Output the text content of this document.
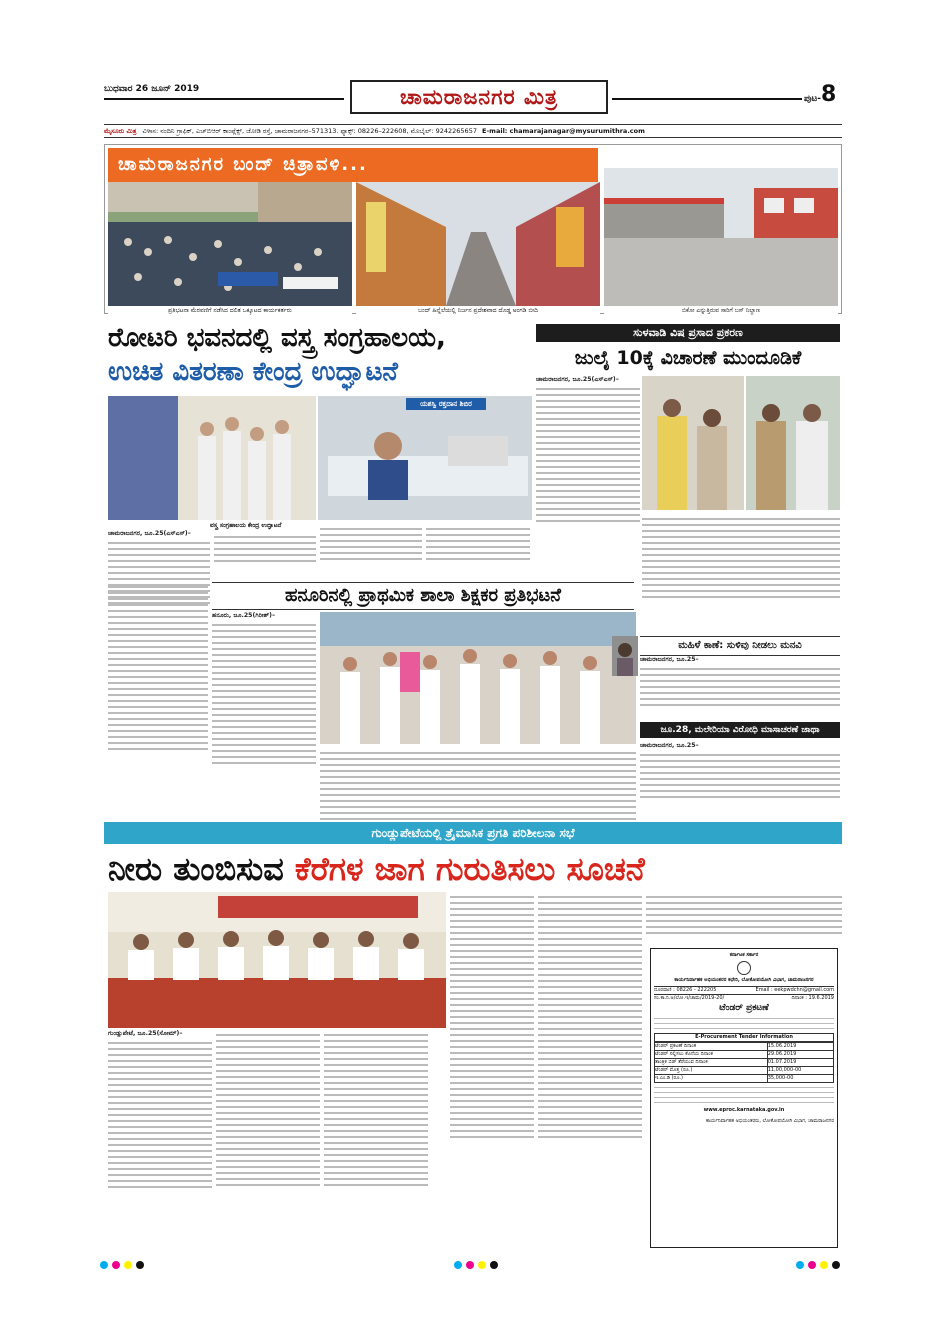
ಬುಧವಾರ 26 ಜೂನ್ 2019	ಚಾಮರಾಜನಗರ ಮಿತ್ರ	ಪುಟ-8
ಮೈಸೂರು ಮಿತ್ರ ವಿಳಾಸ: ನಂದಿನಿ ಗ್ರಾಫಿಕ್, ಎಚ್‌ಬಿಆರ್ ಕಾಂಪ್ಲೆಕ್ಸ್, ಜೋಡಿ ರಸ್ತೆ, ಚಾಮರಾಜನಗರ–571313. ಫ್ಯಾಕ್ಸ್: 08226–222608, ಮೊಬೈಲ್: 9242265657 E-mail: chamarajanagar@mysurumithra.com
ಚಾಮರಾಜನಗರ ಬಂದ್ ಚಿತ್ರಾವಳಿ...
ಪ್ರತಿಭಟನಾ ಮೆರವಣಿಗೆ ನಡೆಸಿದ ದಲಿತ ಒಕ್ಕೂಟದ ಕಾರ್ಯಕರ್ತರು	ಬಂದ್ ಹಿನ್ನೆಲೆಯಲ್ಲಿ ನಿರ್ಜನ ಪ್ರದೇಶವಾದ ದೊಡ್ಡ ಅಂಗಡಿ ಬೀದಿ	ಬಿಕೋ ಎನ್ನುತ್ತಿರುವ ಸಾರಿಗೆ ಬಸ್ ನಿಲ್ದಾಣ
ರೋಟರಿ ಭವನದಲ್ಲಿ ವಸ್ತ್ರ ಸಂಗ್ರಹಾಲಯ,
ಉಚಿತ ವಿತರಣಾ ಕೇಂದ್ರ ಉದ್ಘಾಟನೆ
ಯಶಸ್ವಿ ರಕ್ತದಾನ ಶಿಬಿರ
ವಸ್ತ್ರ ಸಂಗ್ರಹಾಲಯ ಕೇಂದ್ರ ಉದ್ಘಾಟನೆ
ಚಾಮರಾಜನಗರ, ಜೂ.25(ಎಸ್‌ಎಸ್)–
ಸುಳವಾಡಿ ವಿಷ ಪ್ರಸಾದ ಪ್ರಕರಣ
ಜುಲೈ 10ಕ್ಕೆ ವಿಚಾರಣೆ ಮುಂದೂಡಿಕೆ
ಚಾಮರಾಜನಗರ, ಜೂ.25(ಎಸ್‌ಎಸ್)–
ಹನೂರಿನಲ್ಲಿ ಪ್ರಾಥಮಿಕ ಶಾಲಾ ಶಿಕ್ಷಕರ ಪ್ರತಿಭಟನೆ
ಹನೂರು, ಜೂ.25(ಗಿರೀಶ್)–
ಮಹಿಳೆ ಕಾಣೆ: ಸುಳಿವು ನೀಡಲು ಮನವಿ
ಚಾಮರಾಜನಗರ, ಜೂ.25–
ಜೂ.28, ಮಲೇರಿಯಾ ವಿರೋಧಿ ಮಾಸಾಚರಣೆ ಜಾಥಾ
ಚಾಮರಾಜನಗರ, ಜೂ.25–
ಗುಂಡ್ಲುಪೇಟೆಯಲ್ಲಿ ತ್ರೈಮಾಸಿಕ ಪ್ರಗತಿ ಪರಿಶೀಲನಾ ಸಭೆ
ನೀರು ತುಂಬಿಸುವ ಕೆರೆಗಳ ಜಾಗ ಗುರುತಿಸಲು ಸೂಚನೆ
ಗುಂಡ್ಲುಪೇಟೆ, ಜೂ.25(ಸೋಮ್)–
ಕರ್ನಾಟಕ ಸರ್ಕಾರ
ಕಾರ್ಯನಿರ್ವಾಹಕ ಅಭಿಯಂತರರ ಕಛೇರಿ, ಲೋಕೋಪಯೋಗಿ ವಿಭಾಗ, ಚಾಮರಾಜನಗರ
ದೂರವಾಣಿ : 08226 - 222205	Email : eekpwdchn@gmail.com
ಸಂ.ಕಾ.ನಿ.ಅ/ಲೋ.ಇ/ಚಾಮ/2019-20/	ದಿನಾಂಕ : 19.6.2019
ಟೆಂಡರ್ ಪ್ರಕಟಣೆ
E-Procurement Tender Information
ಟೆಂಡರ್ ಪ್ರಕಟಣೆ ದಿನಾಂಕ	15.06.2019
ಟೆಂಡರ್ ಸಲ್ಲಿಸಲು ಕೊನೆಯ ದಿನಾಂಕ	29.06.2019
ತಾಂತ್ರಿಕ ಬಿಡ್ ತೆರೆಯುವ ದಿನಾಂಕ	01.07.2019
ಟೆಂಡರ್ ಮೊತ್ತ (ರೂ.)	11,00,000-00
ಇ.ಎಂ.ಡಿ (ರೂ.)	35,000-00
www.eproc.karnataka.gov.in
ಕಾರ್ಯನಿರ್ವಾಹಕ ಅಭಿಯಂತರರು, ಲೋಕೋಪಯೋಗಿ ವಿಭಾಗ, ಚಾಮರಾಜನಗರ
